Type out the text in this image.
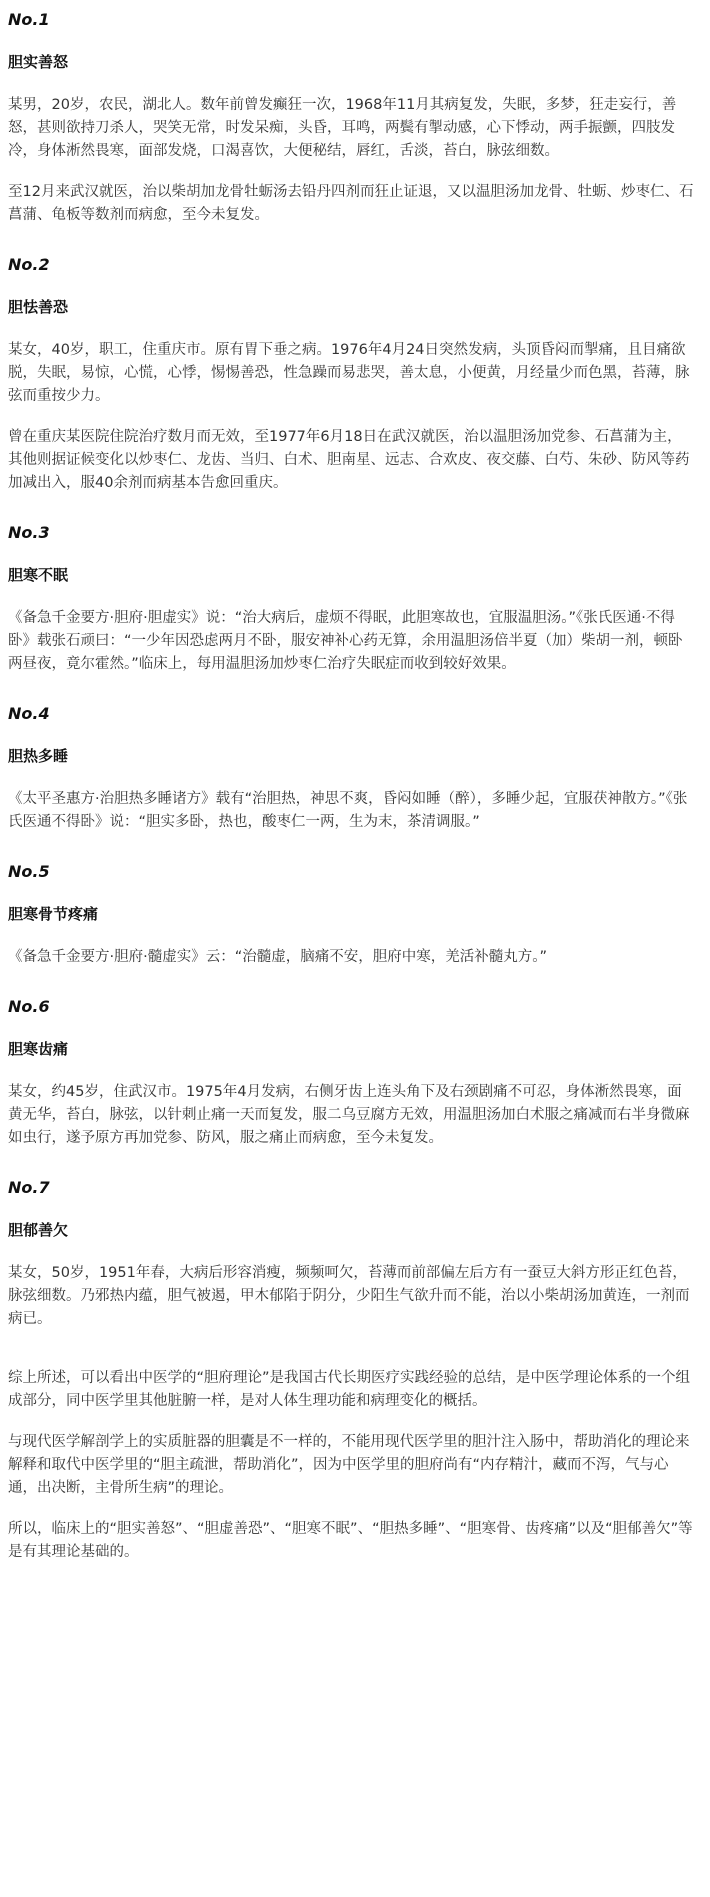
No.1

胆实善怒

某男，20岁，农民，湖北人。数年前曾发癫狂一次，1968年11月其病复发，失眠，多梦，狂走妄行，善怒，甚则欲持刀杀人，哭笑无常，时发呆痴，头昏，耳鸣，两鬓有掣动感，心下悸动，两手振颤，四肢发冷，身体淅然畏寒，面部发烧，口渴喜饮，大便秘结，唇红，舌淡，苔白，脉弦细数。

至12月来武汉就医，治以柴胡加龙骨牡蛎汤去铅丹四剂而狂止证退，又以温胆汤加龙骨、牡蛎、炒枣仁、石菖蒲、龟板等数剂而病愈，至今未复发。

No.2

胆怯善恐

某女，40岁，职工，住重庆市。原有胃下垂之病。1976年4月24日突然发病，头顶昏闷而掣痛，且目痛欲脱，失眠，易惊，心慌，心悸，惕惕善恐，性急躁而易悲哭，善太息，小便黄，月经量少而色黑，苔薄，脉弦而重按少力。

曾在重庆某医院住院治疗数月而无效，至1977年6月18日在武汉就医，治以温胆汤加党参、石菖蒲为主，其他则据证候变化以炒枣仁、龙齿、当归、白术、胆南星、远志、合欢皮、夜交藤、白芍、朱砂、防风等药加减出入，服40余剂而病基本告愈回重庆。

No.3

胆寒不眠

《备急千金要方·胆府·胆虚实》说：“治大病后，虚烦不得眠，此胆寒故也，宜服温胆汤。”《张氏医通·不得卧》载张石顽曰：“一少年因恐虑两月不卧，服安神补心药无算，余用温胆汤倍半夏（加）柴胡一剂，顿卧两昼夜，竟尔霍然。”临床上，每用温胆汤加炒枣仁治疗失眠症而收到较好效果。

No.4

胆热多睡

《太平圣惠方·治胆热多睡诸方》载有“治胆热，神思不爽，昏闷如睡（醉），多睡少起，宜服茯神散方。”《张氏医通不得卧》说：“胆实多卧，热也，酸枣仁一两，生为末，茶清调服。”

No.5

胆寒骨节疼痛

《备急千金要方·胆府·髓虚实》云：“治髓虚，脑痛不安，胆府中寒，羌活补髓丸方。”

No.6

胆寒齿痛

某女，约45岁，住武汉市。1975年4月发病，右侧牙齿上连头角下及右颈剧痛不可忍，身体淅然畏寒，面黄无华，苔白，脉弦，以针刺止痛一天而复发，服二乌豆腐方无效，用温胆汤加白术服之痛减而右半身微麻如虫行，遂予原方再加党参、防风，服之痛止而病愈，至今未复发。

No.7

胆郁善欠

某女，50岁，1951年春，大病后形容消瘦，频频呵欠，苔薄而前部偏左后方有一蚕豆大斜方形正红色苔，脉弦细数。乃邪热内蕴，胆气被遏，甲木郁陷于阴分，少阳生气欲升而不能，治以小柴胡汤加黄连，一剂而病已。

综上所述，可以看出中医学的“胆府理论”是我国古代长期医疗实践经验的总结，是中医学理论体系的一个组成部分，同中医学里其他脏腑一样，是对人体生理功能和病理变化的概括。

与现代医学解剖学上的实质脏器的胆囊是不一样的，不能用现代医学里的胆汁注入肠中，帮助消化的理论来解释和取代中医学里的“胆主疏泄，帮助消化”，因为中医学里的胆府尚有“内存精汁，藏而不泻，气与心通，出决断，主骨所生病”的理论。

所以，临床上的“胆实善怒”、“胆虚善恐”、“胆寒不眠”、“胆热多睡”、“胆寒骨、齿疼痛”以及“胆郁善欠”等是有其理论基础的。
